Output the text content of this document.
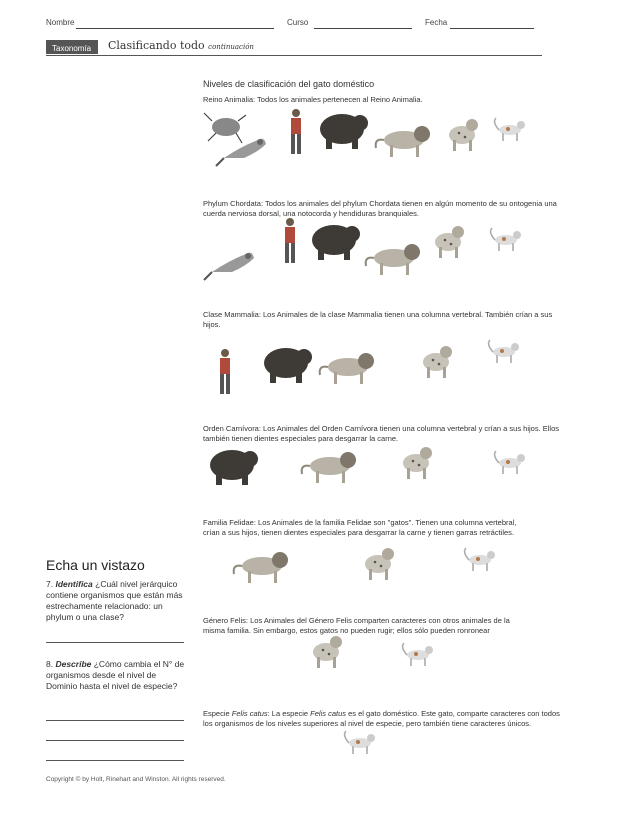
Nombre	Curso	Fecha
Taxonomía	Clasificando todo continuación
Niveles de clasificación del gato doméstico
Reino Animalia: Todos los animales pertenecen al Reino Animalia.
Phylum Chordata: Todos los animales del phylum Chordata tienen en algún momento de su ontogenia una cuerda nerviosa dorsal, una notocorda y hendiduras branquiales.
Clase Mammalia: Los Animales de la clase Mammalia tienen una columna vertebral. También crían a sus hijos.
Orden Carnívora: Los Animales del Orden Carnívora tienen una columna vertebral y crían a sus hijos. Ellos también tienen dientes especiales para desgarrar la carne.
Familia Felidae: Los Animales de la familia Felidae son "gatos". Tienen una columna vertebral, crían a sus hijos, tienen dientes especiales para desgarrar la carne y tienen garras retráctiles.
Género Felis: Los Animales del Género Felis comparten caracteres con otros animales de la misma familia. Sin embargo, estos gatos no pueden rugir; ellos sólo pueden ronronear
Especie Felis catus: La especie Felis catus es el gato doméstico. Este gato, comparte caracteres con todos los organismos de los niveles superiores al nivel de especie, pero también tiene caracteres únicos.
Echa un vistazo
7. Identifica ¿Cuál nivel jerárquico contiene organismos que están más estrechamente relacionado: un phylum o una clase?
8. Describe ¿Cómo cambia el N° de organismos desde el nivel de Dominio hasta el nivel de especie?
Copyright © by Holt, Rinehart and Winston. All rights reserved.
